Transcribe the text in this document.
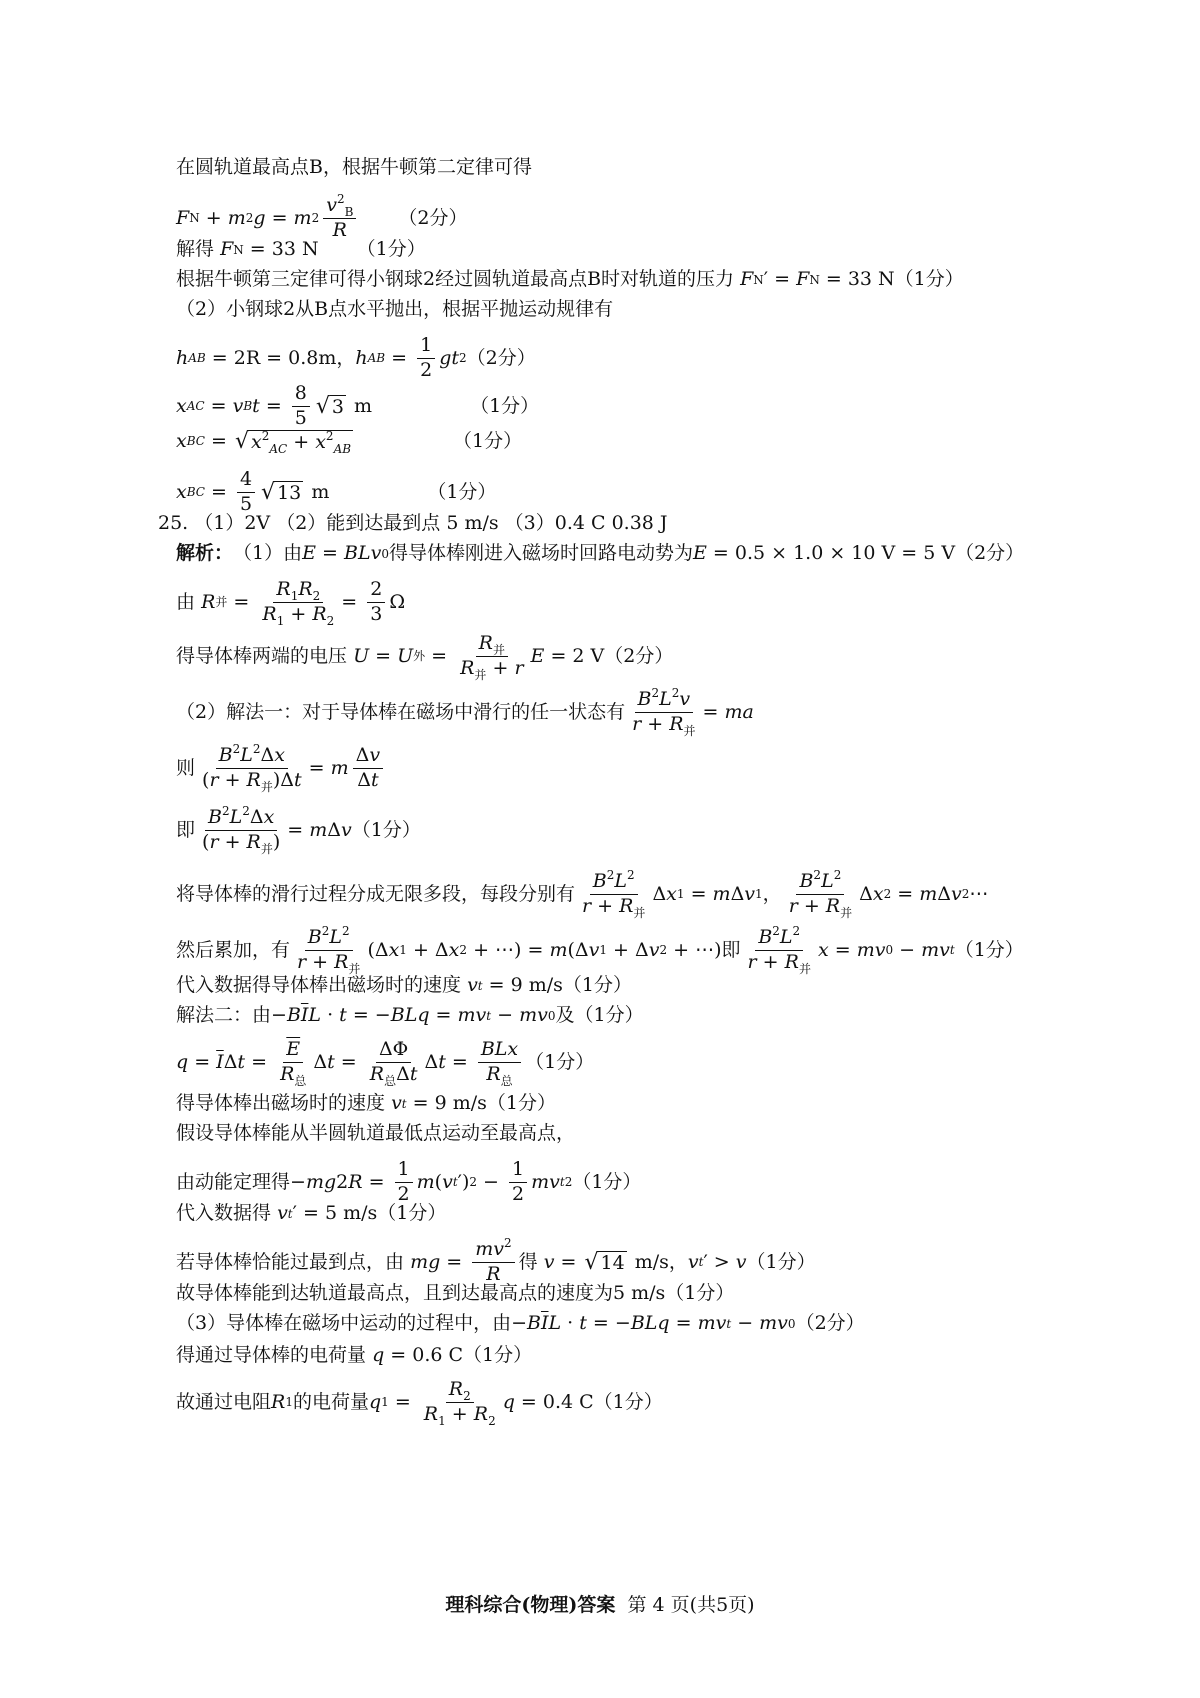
在圆轨道最高点B，根据牛顿第二定律可得
F N + m 2 g = m $2 \frac{v^2_B}{R} (2$分）
解得
F N
= 33 N （1分）
根据牛顿第三定律可得小钢球2经过圆轨道最高点B时对轨道的压力
F N ′ = F N
= 33 N（1分）
（2）小钢球2从B点水平抛出，根据平抛运动规律有
h AB
= 2R = 0.8m， h AB = $\frac{1}{2}$ gt 2 （2分）
x AC = v B $t = \frac{8}{5}$ √ 3
m	（1分）
x BC = √ $x^2_{AC} + x^2_{AB}$	（1分）
x BC = $\frac{4}{5}$ √ 13
m	（1分）
25. （1）2V （2）能到达最到点 5 m/s （3）0.4 C 0.38 J
解析： （1）由 E = BLv 0 得导体棒刚进入磁场时回路电动势为 E
= 0.5 × 1.0 × 10 V = 5 V（2分）
由
R 并 = $\frac{R_1R_2}{R_1 + R_2} = \frac{2}{3}$ Ω
得导体棒两端的电压
U = U 外 = $\frac{R_并}{R_并 + r}$ E
= 2 V（2分）
（2）解法一：对于导体棒在磁场中滑行的任一状态有 $\frac{B^2L^2v}{r + R_并}$ = ma
则 $\frac{B^2L^2\Delta x}{(r + R_并)\Delta t} = m \frac{\Delta v}{\Delta t}$
即 $\frac{B^2L^2\Delta x}{(r + R_并)} = m$ Δ v （1分）
将导体棒的滑行过程分成无限多段，每段分别有 $\frac{B^2L^2}{r + R_并}$ Δ x 1 = m Δ v 1 ， $\frac{B^2L^2}{r + R_并}$ Δ x 2 = m Δ v 2 ⋯
然后累加，有 $\frac{B^2L^2}{r + R_并} (\Delta$ x 1 + Δ x 2 + ⋯) = m (Δ v 1 + Δ v 2 + ⋯) 即 $\frac{B^2L^2}{r + R_并}$ x = mv 0 − mv t （1分）
代入数据得导体棒出磁场时的速度
v t
= 9 m/s（1分）
解法二：由 − B $\overline{I}$ L · t = − BLq = mv t − mv 0 及（1分）
$q = \overline{I}$ Δ $t = \frac{\overline{E}}{R_总}$ Δ $t = \frac{\Delta\Phi}{R_总\Delta t}$ Δ $t = \frac{\text{BLx}}{R_总} (1$分）
得导体棒出磁场时的速度
v t
= 9 m/s（1分）
假设导体棒能从半圆轨道最低点运动至最高点，
由动能定理得 − mg 2 $R = \frac{1}{2}$ m ( v t ′) $2 - \frac{1}{2}$ mv t 2 （1分）
代入数据得
v t ′ = 5 m/s（1分）
若导体棒恰能过最到点，由
mg = $\frac{mv^2}{R}$ 得
v = √ 14
m/s， v t ′ > v （1分）
故导体棒能到达轨道最高点，且到达最高点的速度为5 m/s（1分）
（3）导体棒在磁场中运动的过程中，由 − B $\overline{I}$ L · t = − BLq = mv t − mv 0 （2分）
得通过导体棒的电荷量
q
= 0.6 C（1分）
故通过电阻 R 1 的电荷量 q $1 = \frac{R_2}{R_1 + R_2}$ q
= 0.4 C（1分）
理科综合(物理)答案 第 4 页(共5页)
